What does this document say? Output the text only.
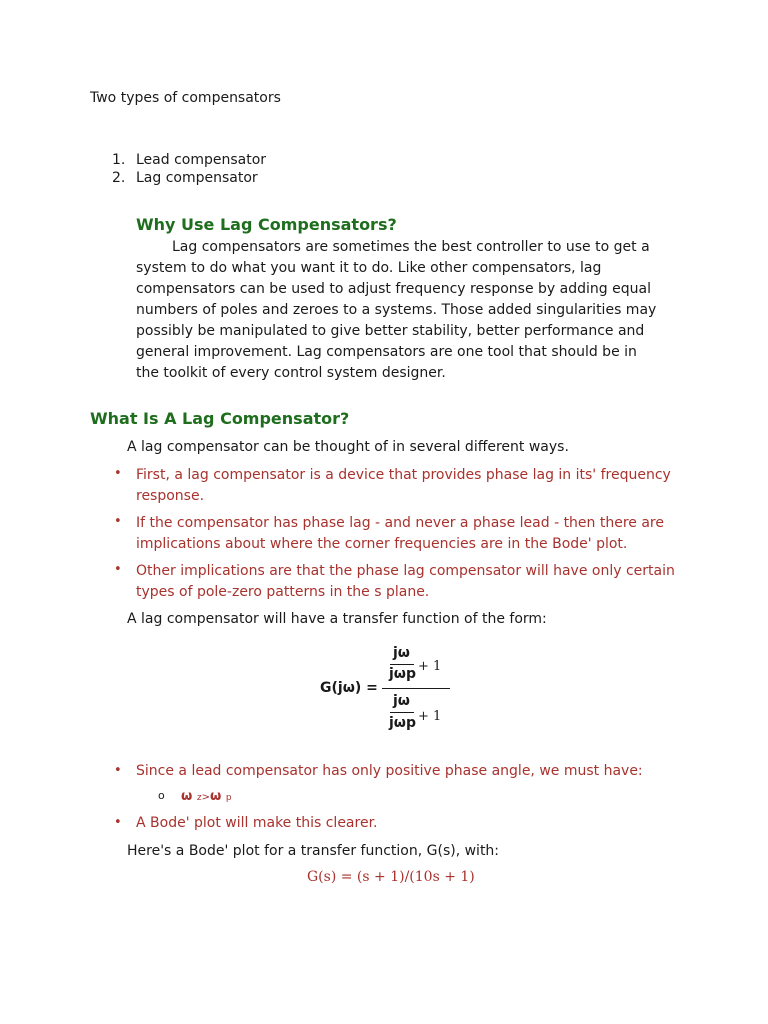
Two types of compensators
1. Lead compensator
2. Lag compensator
Why Use Lag Compensators?
Lag compensators are sometimes the best controller to use to get a system to do what you want it to do. Like other compensators, lag compensators can be used to adjust frequency response by adding equal numbers of poles and zeroes to a systems. Those added singularities may possibly be manipulated to give better stability, better performance and general improvement. Lag compensators are one tool that should be in the toolkit of every control system designer.
What Is A Lag Compensator?
A lag compensator can be thought of in several different ways.
• First, a lag compensator is a device that provides phase lag in its' frequency response.
• If the compensator has phase lag - and never a phase lead - then there are implications about where the corner frequencies are in the Bode' plot.
• Other implications are that the phase lag compensator will have only certain types of pole-zero patterns in the s plane.
A lag compensator will have a transfer function of the form:
G(jω) =
jω
jωp + 1
jω
jωp + 1
• Since a lead compensator has only positive phase angle, we must have:
o ω z>ω p
• A Bode' plot will make this clearer.
Here's a Bode' plot for a transfer function, G(s), with:
G(s) = (s + 1)/(10s + 1)
